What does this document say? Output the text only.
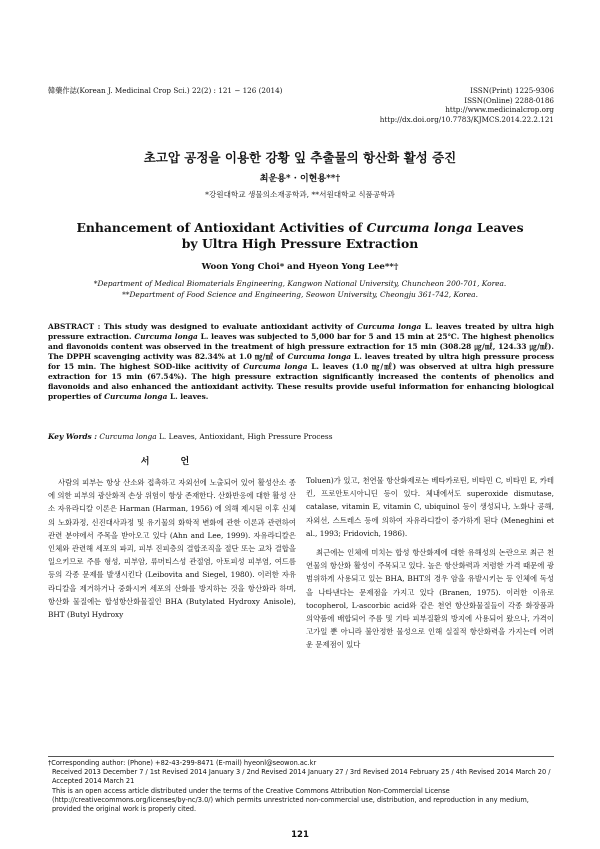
韓藥作誌(Korean J. Medicinal Crop Sci.) 22(2) : 121 − 126 (2014)	ISSN(Print) 1225-9306
ISSN(Online) 2288-0186
http://www.medicinalcrop.org
http://dx.doi.org/10.7783/KJMCS.2014.22.2.121
초고압 공정을 이용한 강황 잎 추출물의 항산화 활성 증진
최운용* · 이현용**†
*강원대학교 생물의소재공학과, **서원대학교 식품공학과
Enhancement of Antioxidant Activities of Curcuma longa Leaves
by Ultra High Pressure Extraction
Woon Yong Choi* and Hyeon Yong Lee**†
*Department of Medical Biomaterials Engineering, Kangwon National University, Chuncheon 200-701, Korea.
**Department of Food Science and Engineering, Seowon University, Cheongju 361-742, Korea.
ABSTRACT : This study was designed to evaluate antioxidant activity of Curcuma longa L. leaves treated by ultra high pressure extraction. Curcuma longa L. leaves was subjected to 5,000 bar for 5 and 15 min at 25℃. The highest phenolics and flavonoids content was observed in the treatment of high pressure extraction for 15 min (308.28 ㎍/㎖, 124.33 ㎍/㎖). The DPPH scavenging activity was 82.34% at 1.0 ㎎/㎖ of Curcuma longa L. leaves treated by ultra high pressure process for 15 min. The highest SOD-like acitivity of Curcuma longa L. leaves (1.0 ㎎/㎖) was observed at ultra high pressure extraction for 15 min (67.54%). The high pressure extraction significantly increased the contents of phenolics and flavonoids and also enhanced the antioxidant activity. These results provide useful information for enhancing biological properties of Curcuma longa L. leaves.
Key Words : Curcuma longa L. Leaves, Antioxidant, High Pressure Process
서 언

사람의 피부는 항상 산소와 접촉하고 자외선에 노출되어 있어 활성산소 종에 의한 피부의 광산화적 손상 위험이 항상 존재한다. 산화반응에 대한 활성 산소 자유라디칼 이론은 Harman (Harman, 1956) 에 의해 제시된 이후 신체의 노화과정, 신진대사과정 및 유기물의 화학적 변화에 관한 이론과 관련하여 관련 분야에서 주목을 받아오고 있다 (Ahn and Lee, 1999). 자유라디칼은 인체와 관련해 세포의 파괴, 피부 진피층의 결합조직을 절단 또는 교차 결합을 일으키므로 주름 형성, 피부암, 류머티스성 관절염, 아토피성 피부염, 여드름 등의 각종 문제를 발생시킨다 (Leibovita and Siegel, 1980). 이러한 자유라디칼을 제거하거나 중화시켜 세포의 산화를 방지하는 것을 항산화라 하며, 항산화 물질에는 합성항산화물질인 BHA (Butylated Hydroxy Anisole), BHT (Butyl Hydroxy

Toluen)가 있고, 천연물 항산화제로는 베타카로틴, 비타민 C, 비타민 E, 카테킨, 프로안토시아니딘 등이 있다. 체내에서도 superoxide dismutase, catalase, vitamin E, vitamin C, ubiquinol 등이 생성되나, 노화나 공해, 자외선, 스트레스 등에 의하여 자유라디칼이 증가하게 된다 (Meneghini et al., 1993; Fridovich, 1986).

최근에는 인체에 미치는 합성 항산화제에 대한 유해성의 논란으로 최근 천연물의 항산화 활성이 주목되고 있다. 높은 항산화력과 저렴한 가격 때문에 광범위하게 사용되고 있는 BHA, BHT의 경우 암을 유발시키는 등 인체에 독성을 나타낸다는 문제점을 가지고 있다 (Branen, 1975). 이러한 이유로 tocopherol, L-ascorbic acid와 같은 천연 항산화물질들이 각종 화장품과 의약품에 배합되어 주름 및 기타 피부질환의 방지에 사용되어 왔으나, 가격이 고가일 뿐 아니라 불안정한 물성으로 인해 실질적 항산화력을 가지는데 어려운 문제점이 있다

†Corresponding author: (Phone) +82-43-299-8471 (E-mail) hyeonl@seowon.ac.kr
Received 2013 December 7 / 1st Revised 2014 January 3 / 2nd Revised 2014 January 27 / 3rd Revised 2014 February 25 / 4th Revised 2014 March 20 / Accepted 2014 March 21
This is an open access article distributed under the terms of the Creative Commons Attribution Non-Commercial License (http://creativecommons.org/licenses/by-nc/3.0/) which permits unrestricted non-commercial use, distribution, and reproduction in any medium, provided the original work is properly cited.
121
